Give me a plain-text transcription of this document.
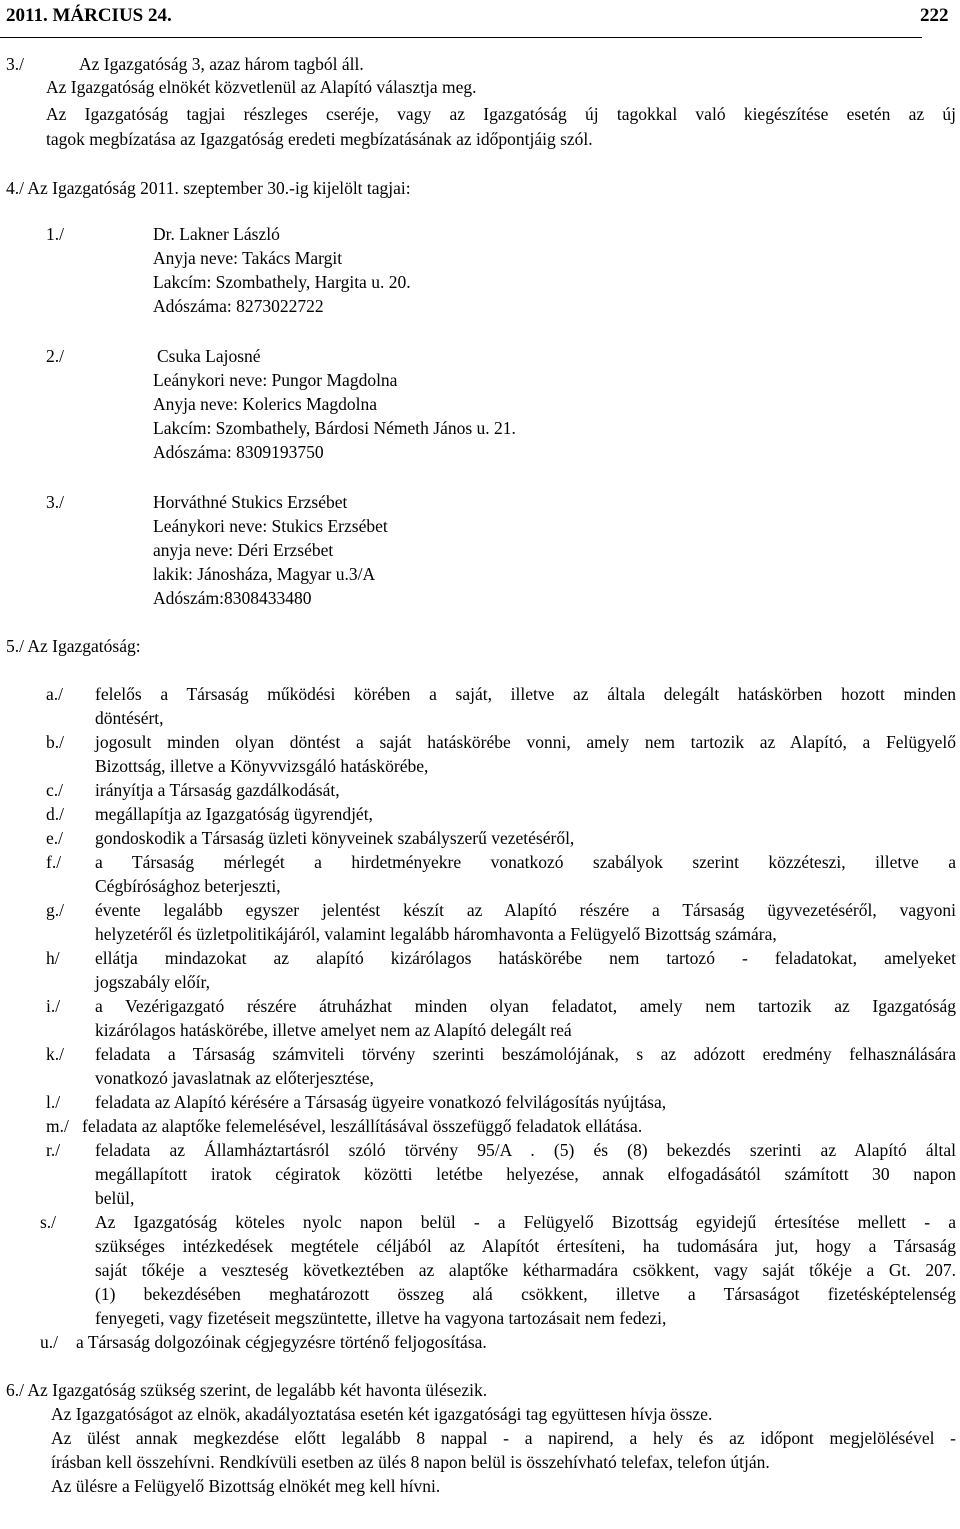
2011. MÁRCIUS 24.	222
3./	Az Igazgatóság 3, azaz három tagból áll.
Az Igazgatóság elnökét közvetlenül az Alapító választja meg.
Az Igazgatóság tagjai részleges cseréje, vagy az Igazgatóság új tagokkal való kiegészítése esetén az új
tagok megbízatása az Igazgatóság eredeti megbízatásának az időpontjáig szól.
4./ Az Igazgatóság 2011. szeptember 30.-ig kijelölt tagjai:
1./	Dr. Lakner László
Anyja neve: Takács Margit
Lakcím: Szombathely, Hargita u. 20.
Adószáma: 8273022722
2./	Csuka Lajosné
Leánykori neve: Pungor Magdolna
Anyja neve: Kolerics Magdolna
Lakcím: Szombathely, Bárdosi Németh János u. 21.
Adószáma: 8309193750
3./	Horváthné Stukics Erzsébet
Leánykori neve: Stukics Erzsébet
anyja neve: Déri Erzsébet
lakik: Jánosháza, Magyar u.3/A
Adószám:8308433480
5./ Az Igazgatóság:
a./ felelős a Társaság működési körében a saját, illetve az általa delegált hatáskörben hozott minden
döntésért,
b./ jogosult minden olyan döntést a saját hatáskörébe vonni, amely nem tartozik az Alapító, a Felügyelő
Bizottság, illetve a Könyvvizsgáló hatáskörébe,
c./ irányítja a Társaság gazdálkodását,
d./ megállapítja az Igazgatóság ügyrendjét,
e./ gondoskodik a Társaság üzleti könyveinek szabályszerű vezetéséről,
f./ a Társaság mérlegét a hirdetményekre vonatkozó szabályok szerint közzéteszi, illetve a
Cégbírósághoz beterjeszti,
g./ évente legalább egyszer jelentést készít az Alapító részére a Társaság ügyvezetéséről, vagyoni
helyzetéről és üzletpolitikájáról, valamint legalább háromhavonta a Felügyelő Bizottság számára,
h/ ellátja mindazokat az alapító kizárólagos hatáskörébe nem tartozó - feladatokat, amelyeket
jogszabály előír,
i./ a Vezérigazgató részére átruházhat minden olyan feladatot, amely nem tartozik az Igazgatóság
kizárólagos hatáskörébe, illetve amelyet nem az Alapító delegált reá
k./ feladata a Társaság számviteli törvény szerinti beszámolójának, s az adózott eredmény felhasználására
vonatkozó javaslatnak az előterjesztése,
l./ feladata az Alapító kérésére a Társaság ügyeire vonatkozó felvilágosítás nyújtása,
m./ feladata az alaptőke felemelésével, leszállításával összefüggő feladatok ellátása.
r./ feladata az Államháztartásról szóló törvény 95/A . (5) és (8) bekezdés szerinti az Alapító által
megállapított iratok cégiratok közötti letétbe helyezése, annak elfogadásától számított 30 napon
belül,
s./ Az Igazgatóság köteles nyolc napon belül - a Felügyelő Bizottság egyidejű értesítése mellett - a
szükséges intézkedések megtétele céljából az Alapítót értesíteni, ha tudomására jut, hogy a Társaság
saját tőkéje a veszteség következtében az alaptőke kétharmadára csökkent, vagy saját tőkéje a Gt. 207.
(1) bekezdésében meghatározott összeg alá csökkent, illetve a Társaságot fizetésképtelenség
fenyegeti, vagy fizetéseit megszüntette, illetve ha vagyona tartozásait nem fedezi,
u./ a Társaság dolgozóinak cégjegyzésre történő feljogosítása.
6./ Az Igazgatóság szükség szerint, de legalább két havonta ülésezik.
Az Igazgatóságot az elnök, akadályoztatása esetén két igazgatósági tag együttesen hívja össze.
Az ülést annak megkezdése előtt legalább 8 nappal - a napirend, a hely és az időpont megjelölésével -
írásban kell összehívni. Rendkívüli esetben az ülés 8 napon belül is összehívható telefax, telefon útján.
Az ülésre a Felügyelő Bizottság elnökét meg kell hívni.
